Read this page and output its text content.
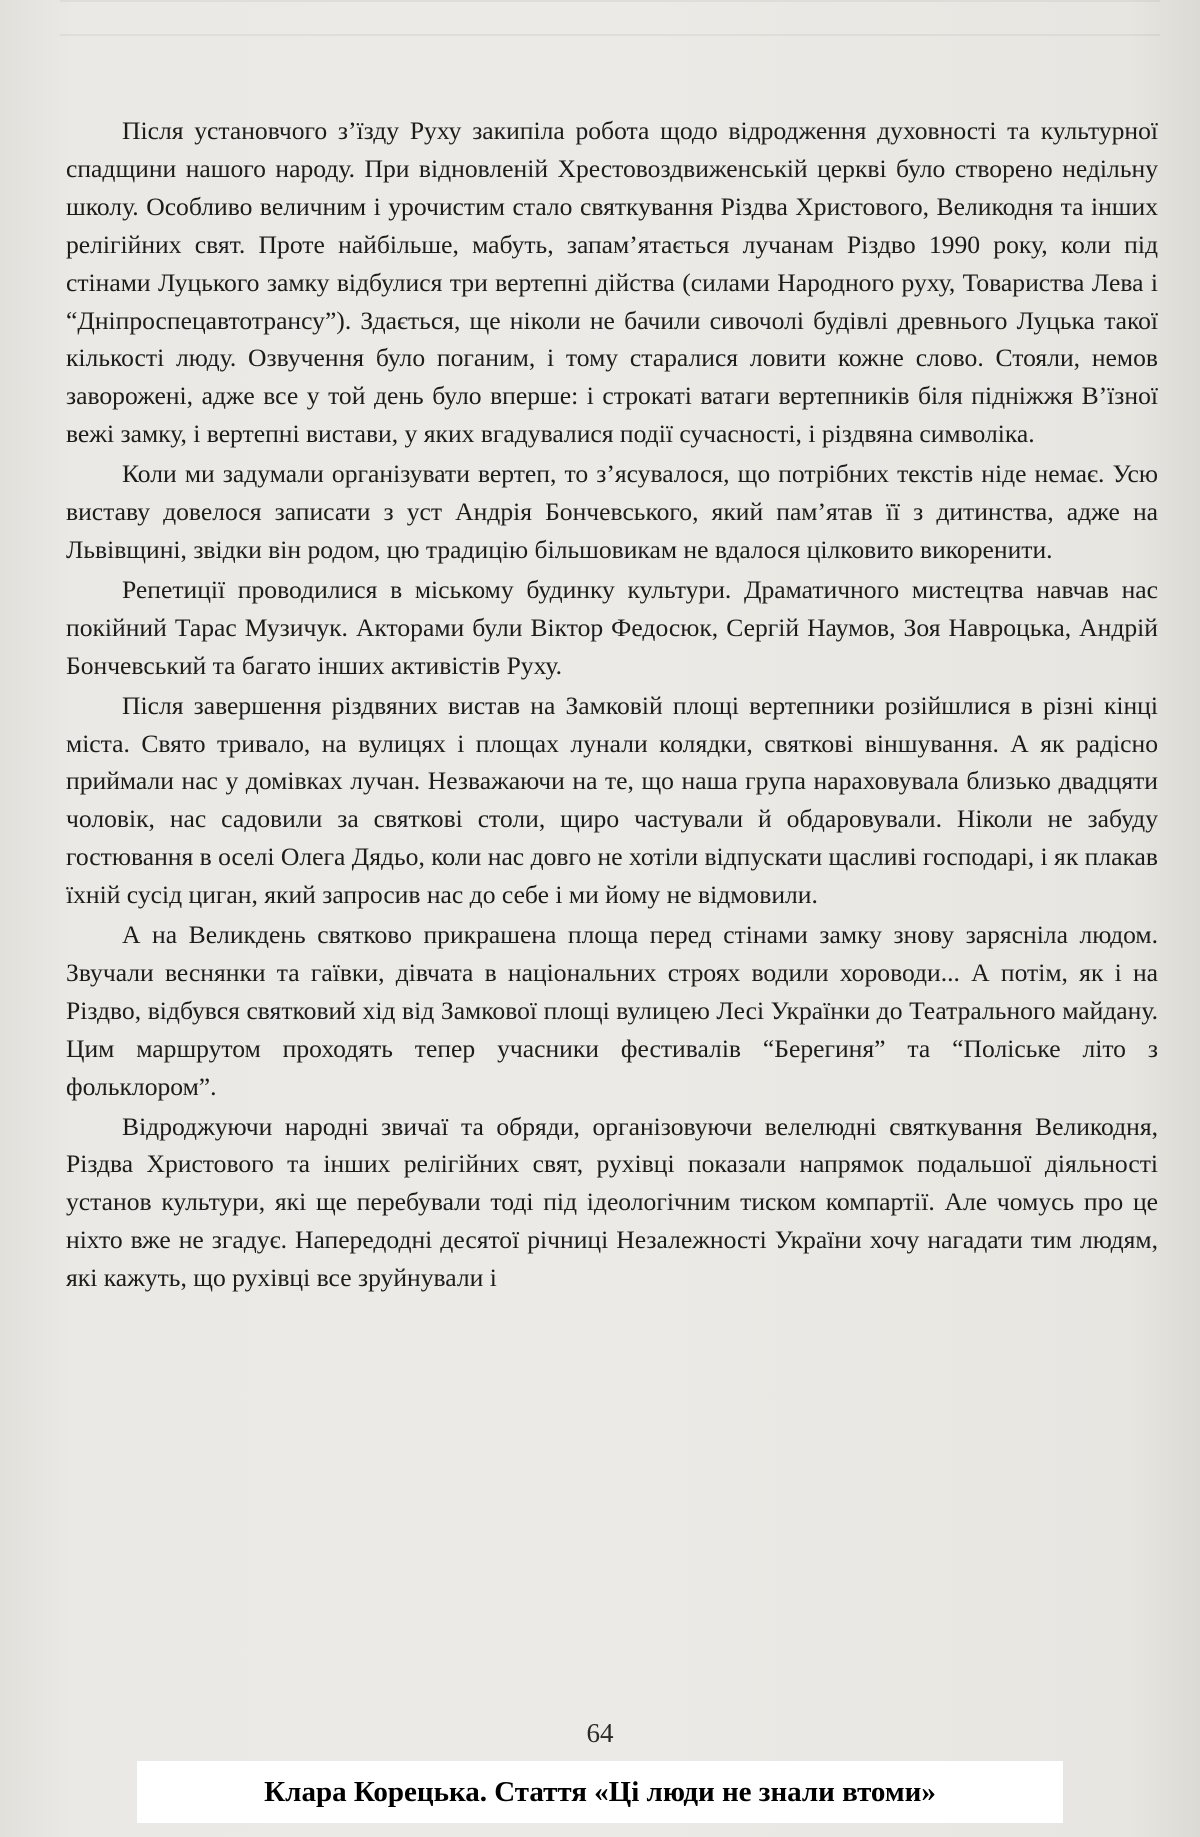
Після установчого з’їзду Руху закипіла робота щодо відродження духовності та культурної спадщини нашого народу. При відновленій Хрестовоздвиженській церкві було створено недільну школу. Особливо величним і урочистим стало святкування Різдва Христового, Великодня та інших релігійних свят. Проте найбільше, мабуть, запам’ятається лучанам Різдво 1990 року, коли під стінами Луцького замку відбулися три вертепні дійства (силами Народного руху, Товариства Лева і “Дніпроспецавтотрансу”). Здається, ще ніколи не бачили сивочолі будівлі древнього Луцька такої кількості люду. Озвучення було поганим, і тому старалися ловити кожне слово. Стояли, немов заворожені, адже все у той день було вперше: і строкаті ватаги вертепників біля підніжжя В’їзної вежі замку, і вертепні вистави, у яких вгадувалися події сучасності, і різдвяна символіка.

Коли ми задумали організувати вертеп, то з’ясувалося, що потрібних текстів ніде немає. Усю виставу довелося записати з уст Андрія Бончевського, який пам’ятав її з дитинства, адже на Львівщині, звідки він родом, цю традицію більшовикам не вдалося цілковито викоренити.

Репетиції проводилися в міському будинку культури. Драматичного мистецтва навчав нас покійний Тарас Музичук. Акторами були Віктор Федосюк, Сергій Наумов, Зоя Навроцька, Андрій Бончевський та багато інших активістів Руху.

Після завершення різдвяних вистав на Замковій площі вертепники розійшлися в різні кінці міста. Свято тривало, на вулицях і площах лунали колядки, святкові віншування. А як радісно приймали нас у домівках лучан. Незважаючи на те, що наша група нараховувала близько двадцяти чоловік, нас садовили за святкові столи, щиро частували й обдаровували. Ніколи не забуду гостювання в оселі Олега Дядьо, коли нас довго не хотіли відпускати щасливі господарі, і як плакав їхній сусід циган, який запросив нас до себе і ми йому не відмовили.

А на Великдень святково прикрашена площа перед стінами замку знову зарясніла людом. Звучали веснянки та гаївки, дівчата в національних строях водили хороводи... А потім, як і на Різдво, відбувся святковий хід від Замкової площі вулицею Лесі Українки до Театрального майдану. Цим маршрутом проходять тепер учасники фестивалів “Берегиня” та “Поліське літо з фольклором”.

Відроджуючи народні звичаї та обряди, організовуючи велелюдні святкування Великодня, Різдва Христового та інших релігійних свят, рухівці показали напрямок подальшої діяльності установ культури, які ще перебували тоді під ідеологічним тиском компартії. Але чомусь про це ніхто вже не згадує. Напередодні десятої річниці Незалежності України хочу нагадати тим людям, які кажуть, що рухівці все зруйнували і

64
Клара Корецька. Стаття «Ці люди не знали втоми»
